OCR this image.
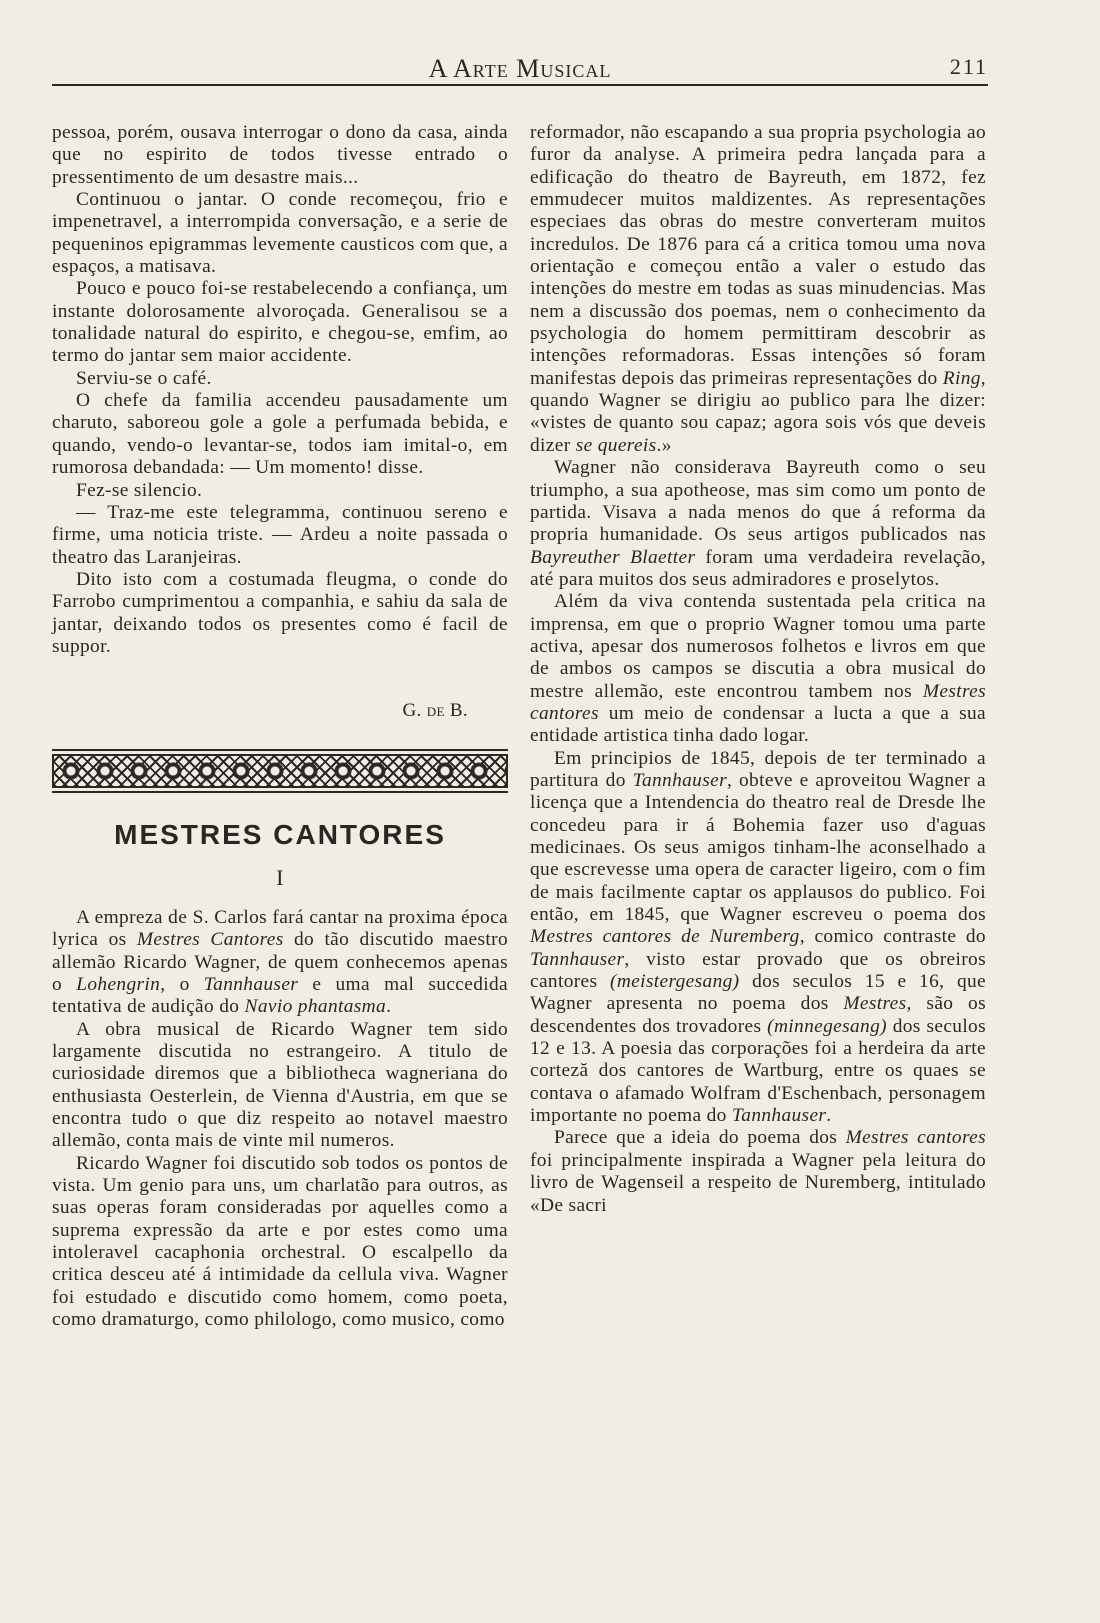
A Arte Musical	211

pessoa, porém, ousava interrogar o dono da casa, ainda que no espirito de todos tivesse entrado o pressentimento de um desastre mais...

Continuou o jantar. O conde recomeçou, frio e impenetravel, a interrompida conversação, e a serie de pequeninos epigrammas levemente causticos com que, a espaços, a matisava.

Pouco e pouco foi-se restabelecendo a confiança, um instante dolorosamente alvoroçada. Generalisou se a tonalidade natural do espirito, e chegou-se, emfim, ao termo do jantar sem maior accidente.

Serviu-se o café.

O chefe da familia accendeu pausadamente um charuto, saboreou gole a gole a perfumada bebida, e quando, vendo-o levantar-se, todos iam imital-o, em rumorosa debandada: — Um momento! disse.

Fez-se silencio.

— Traz-me este telegramma, continuou sereno e firme, uma noticia triste. — Ardeu a noite passada o theatro das Laranjeiras.

Dito isto com a costumada fleugma, o conde do Farrobo cumprimentou a companhia, e sahiu da sala de jantar, deixando todos os presentes como é facil de suppor.

G. de B.
MESTRES CANTORES
I

A empreza de S. Carlos fará cantar na proxima época lyrica os Mestres Cantores do tão discutido maestro allemão Ricardo Wagner, de quem conhecemos apenas o Lohengrin, o Tannhauser e uma mal succedida tentativa de audição do Navio phantasma.

A obra musical de Ricardo Wagner tem sido largamente discutida no estrangeiro. A titulo de curiosidade diremos que a bibliotheca wagneriana do enthusiasta Oesterlein, de Vienna d'Austria, em que se encontra tudo o que diz respeito ao notavel maestro allemão, conta mais de vinte mil numeros.

Ricardo Wagner foi discutido sob todos os pontos de vista. Um genio para uns, um charlatão para outros, as suas operas foram consideradas por aquelles como a suprema expressão da arte e por estes como uma intoleravel cacaphonia orchestral. O escalpello da critica desceu até á intimidade da cellula viva. Wagner foi estudado e discutido como homem, como poeta, como dramaturgo, como philologo, como musico, como

reformador, não escapando a sua propria psychologia ao furor da analyse. A primeira pedra lançada para a edificação do theatro de Bayreuth, em 1872, fez emmudecer muitos maldizentes. As representações especiaes das obras do mestre converteram muitos incredulos. De 1876 para cá a critica tomou uma nova orientação e começou então a valer o estudo das intenções do mestre em todas as suas minudencias. Mas nem a discussão dos poemas, nem o conhecimento da psychologia do homem permittiram descobrir as intenções reformadoras. Essas intenções só foram manifestas depois das primeiras representações do Ring, quando Wagner se dirigiu ao publico para lhe dizer: «vistes de quanto sou capaz; agora sois vós que deveis dizer se quereis.»

Wagner não considerava Bayreuth como o seu triumpho, a sua apotheose, mas sim como um ponto de partida. Visava a nada menos do que á reforma da propria humanidade. Os seus artigos publicados nas Bayreuther Blaetter foram uma verdadeira revelação, até para muitos dos seus admiradores e proselytos.

Além da viva contenda sustentada pela critica na imprensa, em que o proprio Wagner tomou uma parte activa, apesar dos numerosos folhetos e livros em que de ambos os campos se discutia a obra musical do mestre allemão, este encontrou tambem nos Mestres cantores um meio de condensar a lucta a que a sua entidade artistica tinha dado logar.

Em principios de 1845, depois de ter terminado a partitura do Tannhauser, obteve e aproveitou Wagner a licença que a Intendencia do theatro real de Dresde lhe concedeu para ir á Bohemia fazer uso d'aguas medicinaes. Os seus amigos tinham-lhe aconselhado a que escrevesse uma opera de caracter ligeiro, com o fim de mais facilmente captar os applausos do publico. Foi então, em 1845, que Wagner escreveu o poema dos Mestres cantores de Nuremberg, comico contraste do Tannhauser, visto estar provado que os obreiros cantores (meistergesang) dos seculos 15 e 16, que Wagner apresenta no poema dos Mestres, são os descendentes dos trovadores (minnegesang) dos seculos 12 e 13. A poesia das corporações foi a herdeira da arte corteză dos cantores de Wartburg, entre os quaes se contava o afamado Wolfram d'Eschenbach, personagem importante no poema do Tannhauser.

Parece que a ideia do poema dos Mestres cantores foi principalmente inspirada a Wagner pela leitura do livro de Wagenseil a respeito de Nuremberg, intitulado «De sacri
